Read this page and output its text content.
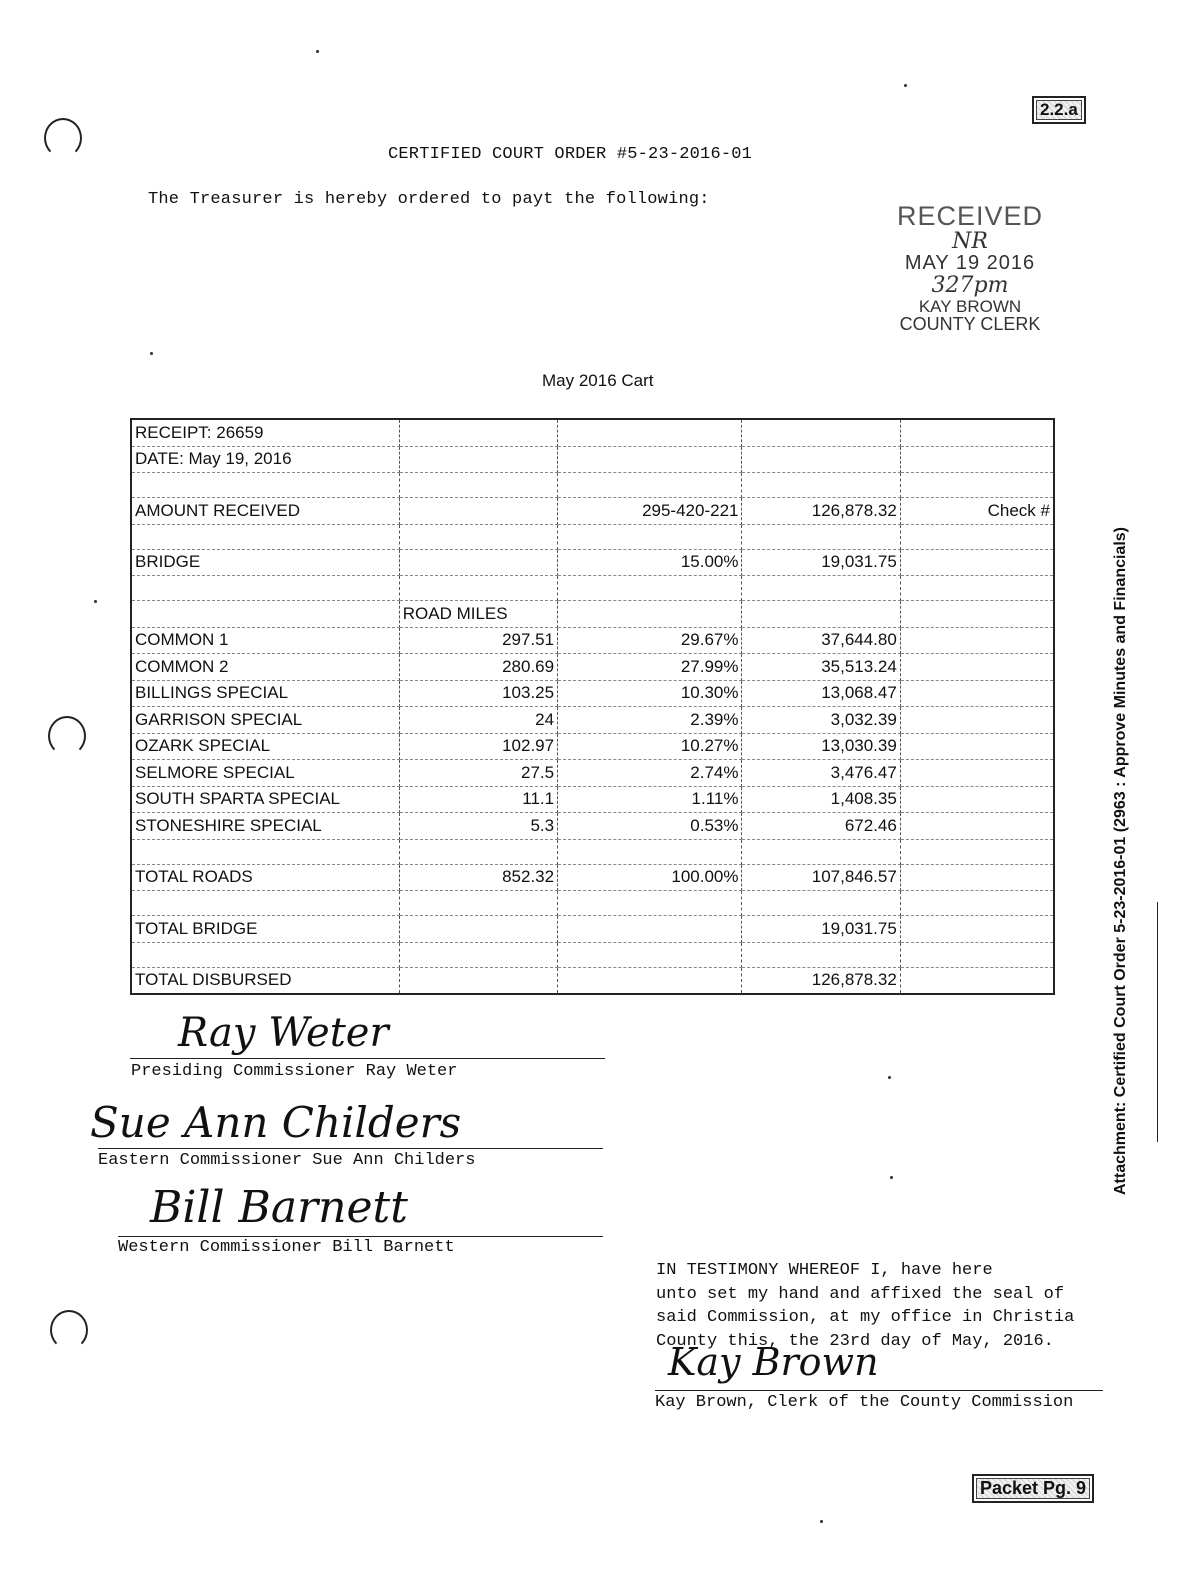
2.2.a
CERTIFIED COURT ORDER #5-23-2016-01
The Treasurer is hereby ordered to payt the following:
RECEIVED
NR
MAY 19 2016
327pm
KAY BROWN
COUNTY CLERK
May 2016 Cart
RECEIPT: 26659				
DATE: May 19, 2016				

AMOUNT RECEIVED		295-420-221	126,878.32	Check #

BRIDGE		15.00%	19,031.75	

	ROAD MILES			
COMMON 1	297.51	29.67%	37,644.80	
COMMON 2	280.69	27.99%	35,513.24	
BILLINGS SPECIAL	103.25	10.30%	13,068.47	
GARRISON SPECIAL	24	2.39%	3,032.39	
OZARK SPECIAL	102.97	10.27%	13,030.39	
SELMORE SPECIAL	27.5	2.74%	3,476.47	
SOUTH SPARTA SPECIAL	11.1	1.11%	1,408.35	
STONESHIRE SPECIAL	5.3	0.53%	672.46	

TOTAL ROADS	852.32	100.00%	107,846.57	

TOTAL BRIDGE			19,031.75	

TOTAL DISBURSED			126,878.32	
Ray Weter
Presiding Commissioner Ray Weter
Sue Ann Childers
Eastern Commissioner Sue Ann Childers
Bill Barnett
Western Commissioner Bill Barnett
IN TESTIMONY WHEREOF I, have here
unto set my hand and affixed the seal of
said Commission, at my office in Christia
County this, the 23rd day of May, 2016.
Kay Brown
Kay Brown, Clerk of the County Commission
Attachment: Certified Court Order 5-23-2016-01 (2963 : Approve Minutes and Financials)
Packet Pg. 9
